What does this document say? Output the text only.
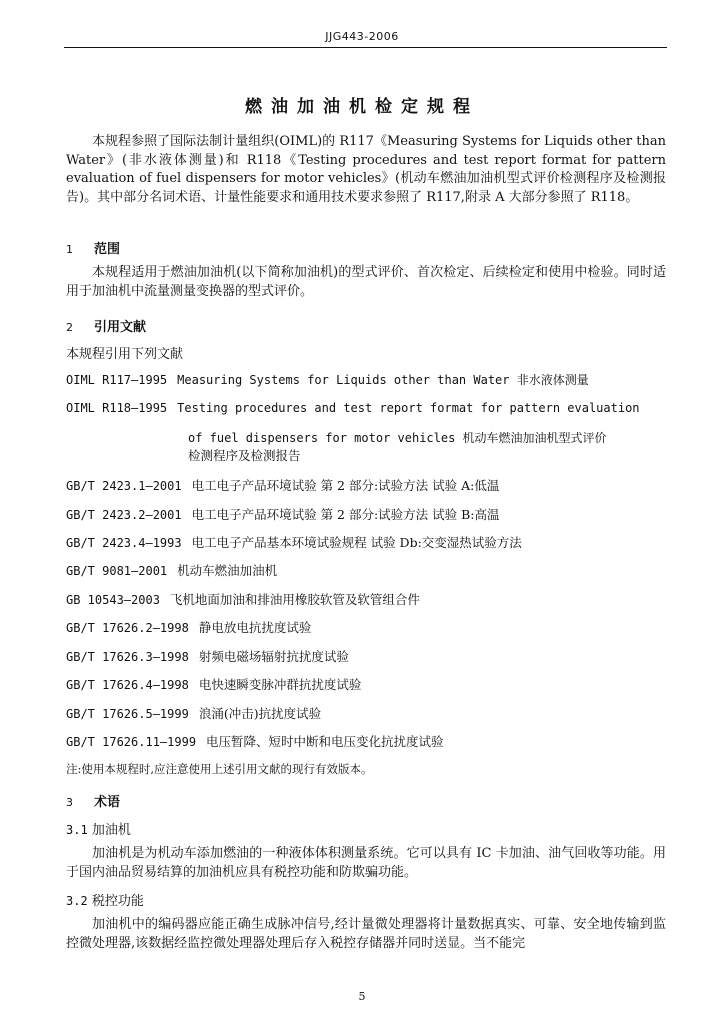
JJG443-2006
燃油加油机检定规程
本规程参照了国际法制计量组织(OIML)的 R117《Measuring Systems for Liquids other than Water》(非水液体测量)和 R118《Testing procedures and test report format for pattern evaluation of fuel dispensers for motor vehicles》(机动车燃油加油机型式评价检测程序及检测报告)。其中部分名词术语、计量性能要求和通用技术要求参照了 R117,附录 A 大部分参照了 R118。
1 范围
本规程适用于燃油加油机(以下简称加油机)的型式评价、首次检定、后续检定和使用中检验。同时适用于加油机中流量测量变换器的型式评价。
2 引用文献
本规程引用下列文献
OIML R117—1995 Measuring Systems for Liquids other than Water 非水液体测量
OIML R118—1995 Testing procedures and test report format for pattern evaluation
of fuel dispensers for motor vehicles 机动车燃油加油机型式评价
检测程序及检测报告
GB/T 2423.1—2001 电工电子产品环境试验 第 2 部分:试验方法 试验 A:低温
GB/T 2423.2—2001 电工电子产品环境试验 第 2 部分:试验方法 试验 B:高温
GB/T 2423.4—1993 电工电子产品基本环境试验规程 试验 Db:交变湿热试验方法
GB/T 9081—2001 机动车燃油加油机
GB 10543—2003 飞机地面加油和排油用橡胶软管及软管组合件
GB/T 17626.2—1998 静电放电抗扰度试验
GB/T 17626.3—1998 射频电磁场辐射抗扰度试验
GB/T 17626.4—1998 电快速瞬变脉冲群抗扰度试验
GB/T 17626.5—1999 浪涌(冲击)抗扰度试验
GB/T 17626.11—1999 电压暂降、短时中断和电压变化抗扰度试验
注:使用本规程时,应注意使用上述引用文献的现行有效版本。
3 术语
3.1 加油机
加油机是为机动车添加燃油的一种液体体积测量系统。它可以具有 IC 卡加油、油气回收等功能。用于国内油品贸易结算的加油机应具有税控功能和防欺骗功能。
3.2 税控功能
加油机中的编码器应能正确生成脉冲信号,经计量微处理器将计量数据真实、可靠、安全地传输到监控微处理器,该数据经监控微处理器处理后存入税控存储器并同时送显。当不能完
5
